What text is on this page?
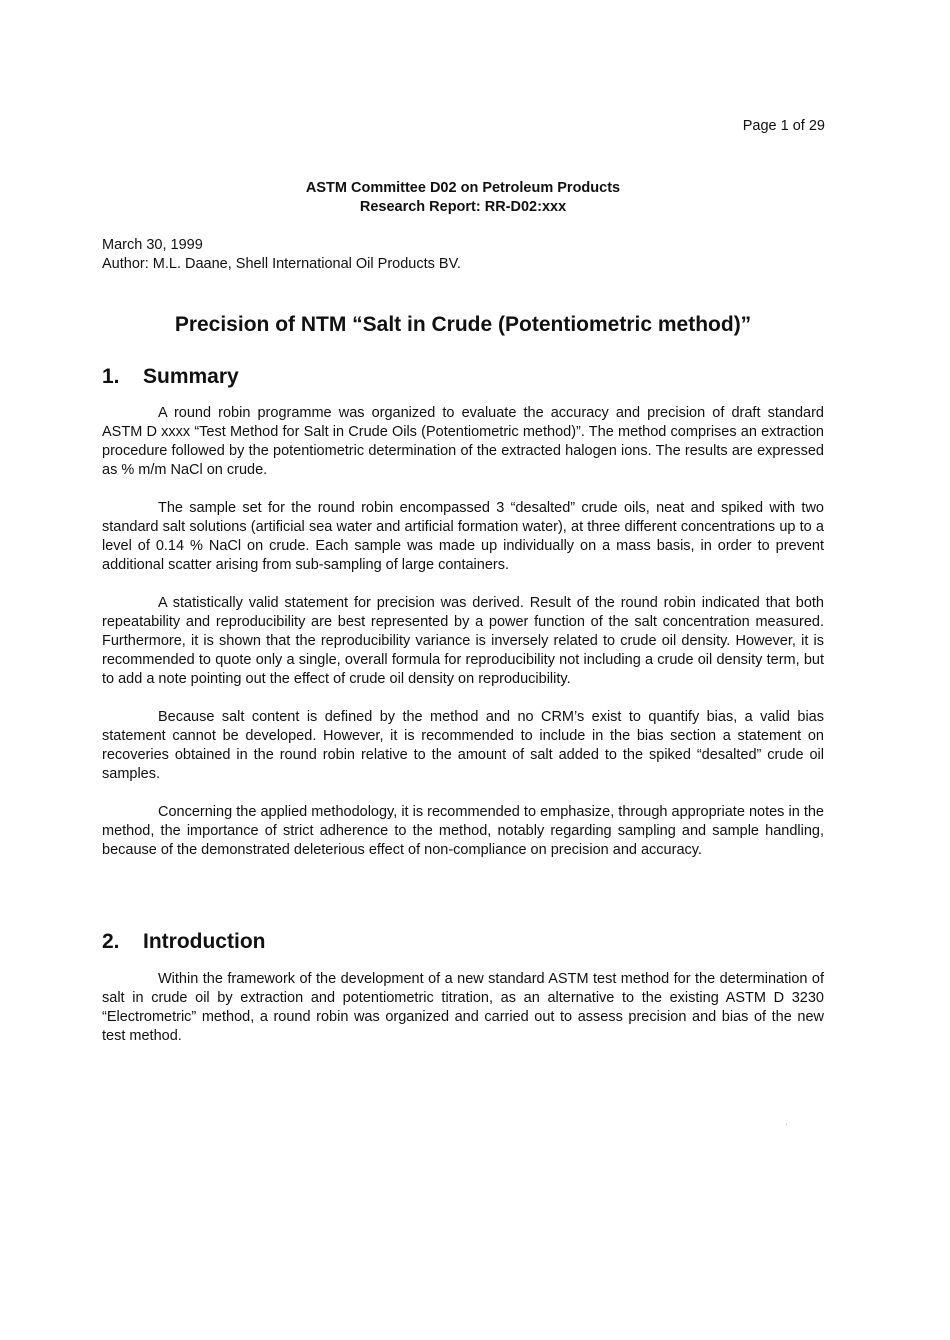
Page 1 of 29
ASTM Committee D02 on Petroleum Products
Research Report: RR-D02:xxx
March 30, 1999
Author: M.L. Daane, Shell International Oil Products BV.
Precision of NTM “Salt in Crude (Potentiometric method)”
1. Summary

A round robin programme was organized to evaluate the accuracy and precision of draft standard ASTM D xxxx “Test Method for Salt in Crude Oils (Potentiometric method)”. The method comprises an extraction procedure followed by the potentiometric determination of the extracted halogen ions. The results are expressed as % m/m NaCl on crude.

The sample set for the round robin encompassed 3 “desalted” crude oils, neat and spiked with two standard salt solutions (artificial sea water and artificial formation water), at three different concentrations up to a level of 0.14 % NaCl on crude. Each sample was made up individually on a mass basis, in order to prevent additional scatter arising from sub-sampling of large containers.

A statistically valid statement for precision was derived. Result of the round robin indicated that both repeatability and reproducibility are best represented by a power function of the salt concentration measured. Furthermore, it is shown that the reproducibility variance is inversely related to crude oil density. However, it is recommended to quote only a single, overall formula for reproducibility not including a crude oil density term, but to add a note pointing out the effect of crude oil density on reproducibility.

Because salt content is defined by the method and no CRM’s exist to quantify bias, a valid bias statement cannot be developed. However, it is recommended to include in the bias section a statement on recoveries obtained in the round robin relative to the amount of salt added to the spiked “desalted” crude oil samples.

Concerning the applied methodology, it is recommended to emphasize, through appropriate notes in the method, the importance of strict adherence to the method, notably regarding sampling and sample handling, because of the demonstrated deleterious effect of non-compliance on precision and accuracy.

2. Introduction

Within the framework of the development of a new standard ASTM test method for the determination of salt in crude oil by extraction and potentiometric titration, as an alternative to the existing ASTM D 3230 “Electrometric” method, a round robin was organized and carried out to assess precision and bias of the new test method.
